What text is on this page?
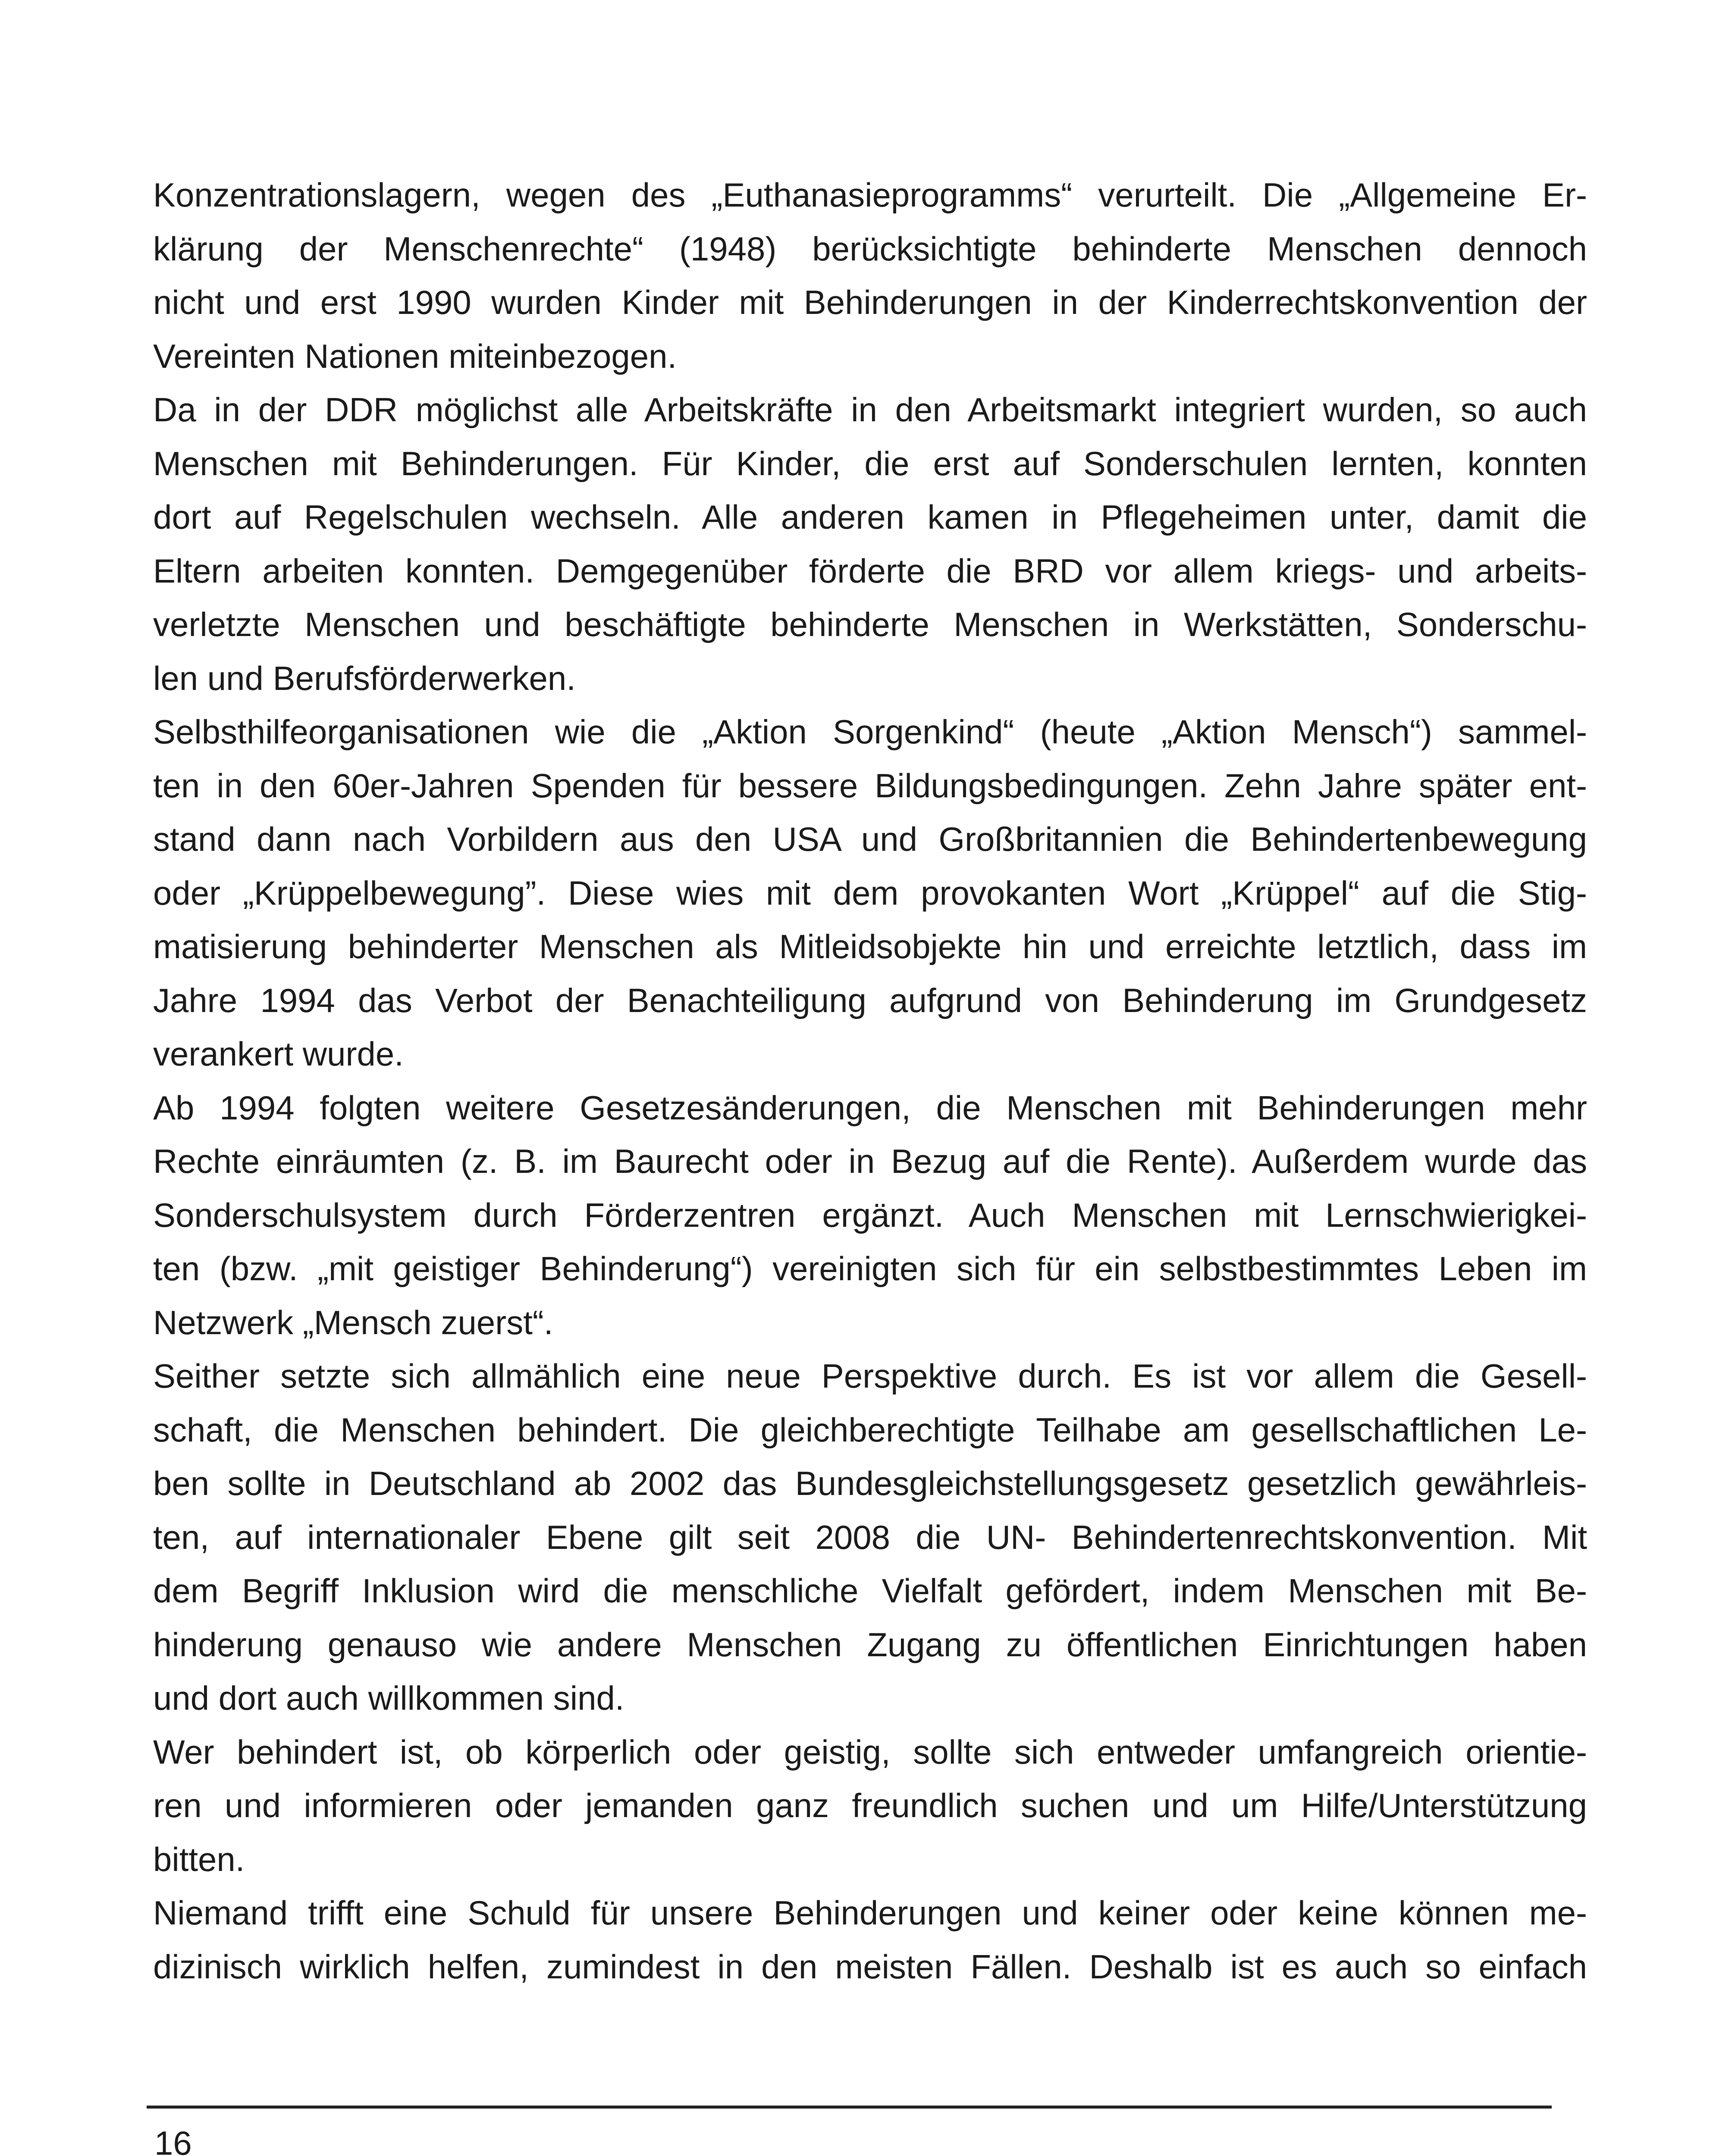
Konzentrationslagern, wegen des „Euthanasieprogramms“ verurteilt. Die „Allgemeine Er-
klärung der Menschenrechte“ (1948) berücksichtigte behinderte Menschen dennoch
nicht und erst 1990 wurden Kinder mit Behinderungen in der Kinderrechtskonvention der
Vereinten Nationen miteinbezogen.
Da in der DDR möglichst alle Arbeitskräfte in den Arbeitsmarkt integriert wurden, so auch
Menschen mit Behinderungen. Für Kinder, die erst auf Sonderschulen lernten, konnten
dort auf Regelschulen wechseln. Alle anderen kamen in Pflegeheimen unter, damit die
Eltern arbeiten konnten. Demgegenüber förderte die BRD vor allem kriegs- und arbeits-
verletzte Menschen und beschäftigte behinderte Menschen in Werkstätten, Sonderschu-
len und Berufsförderwerken.
Selbsthilfeorganisationen wie die „Aktion Sorgenkind“ (heute „Aktion Mensch“) sammel-
ten in den 60er-Jahren Spenden für bessere Bildungsbedingungen. Zehn Jahre später ent-
stand dann nach Vorbildern aus den USA und Großbritannien die Behindertenbewegung
oder „Krüppelbewegung”. Diese wies mit dem provokanten Wort „Krüppel“ auf die Stig-
matisierung behinderter Menschen als Mitleidsobjekte hin und erreichte letztlich, dass im
Jahre 1994 das Verbot der Benachteiligung aufgrund von Behinderung im Grundgesetz
verankert wurde.
Ab 1994 folgten weitere Gesetzesänderungen, die Menschen mit Behinderungen mehr
Rechte einräumten (z. B. im Baurecht oder in Bezug auf die Rente). Außerdem wurde das
Sonderschulsystem durch Förderzentren ergänzt. Auch Menschen mit Lernschwierigkei-
ten (bzw. „mit geistiger Behinderung“) vereinigten sich für ein selbstbestimmtes Leben im
Netzwerk „Mensch zuerst“.
Seither setzte sich allmählich eine neue Perspektive durch. Es ist vor allem die Gesell-
schaft, die Menschen behindert. Die gleichberechtigte Teilhabe am gesellschaftlichen Le-
ben sollte in Deutschland ab 2002 das Bundesgleichstellungsgesetz gesetzlich gewährleis-
ten, auf internationaler Ebene gilt seit 2008 die UN- Behindertenrechtskonvention. Mit
dem Begriff Inklusion wird die menschliche Vielfalt gefördert, indem Menschen mit Be-
hinderung genauso wie andere Menschen Zugang zu öffentlichen Einrichtungen haben
und dort auch willkommen sind.
Wer behindert ist, ob körperlich oder geistig, sollte sich entweder umfangreich orientie-
ren und informieren oder jemanden ganz freundlich suchen und um Hilfe/Unterstützung
bitten.
Niemand trifft eine Schuld für unsere Behinderungen und keiner oder keine können me-
dizinisch wirklich helfen, zumindest in den meisten Fällen. Deshalb ist es auch so einfach
16
